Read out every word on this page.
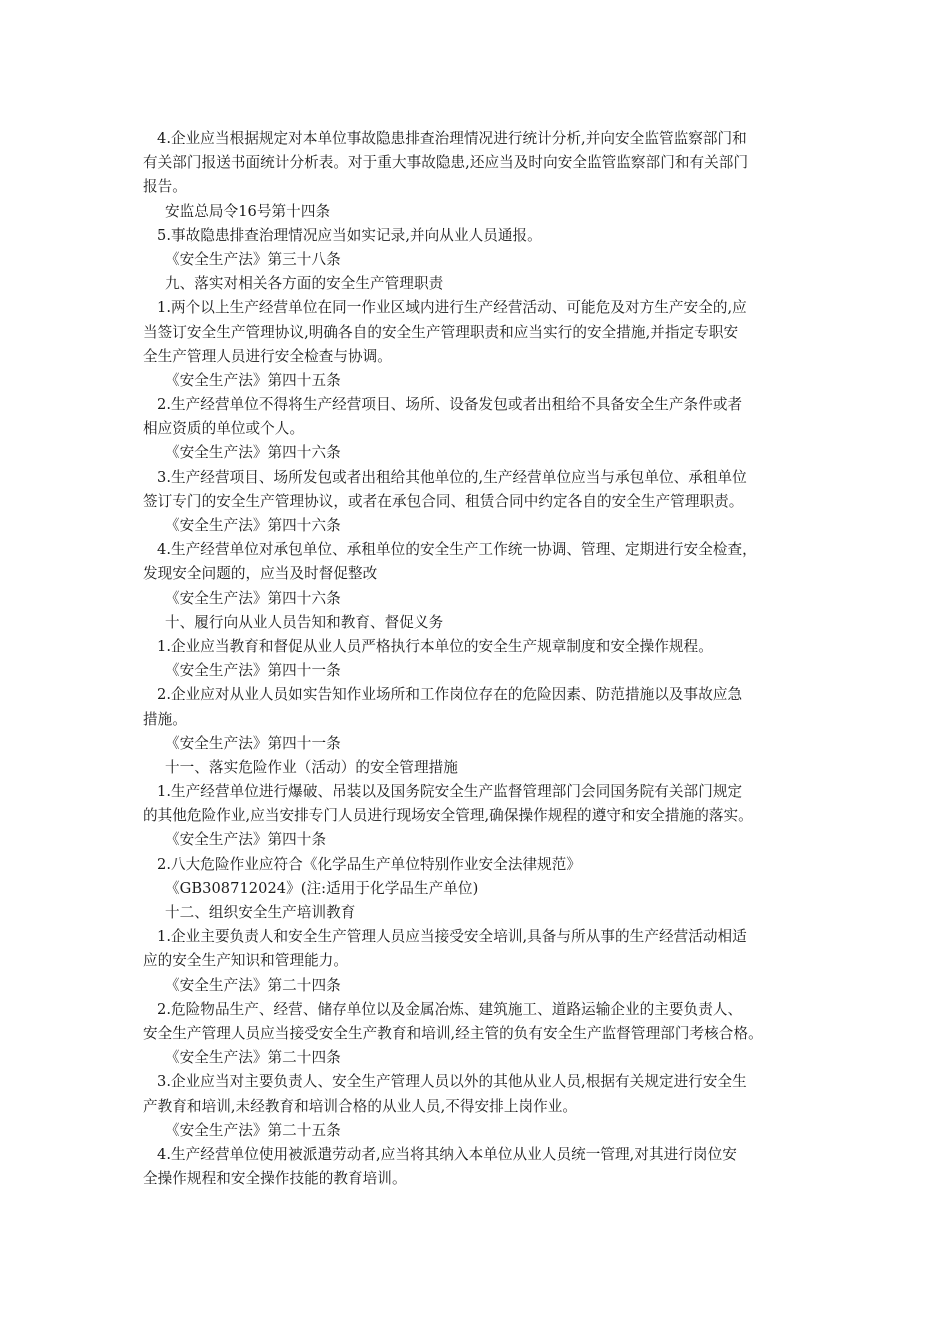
4.企业应当根据规定对本单位事故隐患排查治理情况进行统计分析,并向安全监管监察部门和
有关部门报送书面统计分析表。对于重大事故隐患,还应当及时向安全监管监察部门和有关部门
报告。
安监总局令16号第十四条
5.事故隐患排查治理情况应当如实记录,并向从业人员通报。
《安全生产法》第三十八条
九、落实对相关各方面的安全生产管理职责
1.两个以上生产经营单位在同一作业区域内进行生产经营活动、可能危及对方生产安全的,应
当签订安全生产管理协议,明确各自的安全生产管理职责和应当实行的安全措施,并指定专职安
全生产管理人员进行安全检查与协调。
《安全生产法》第四十五条
2.生产经营单位不得将生产经营项目、场所、设备发包或者出租给不具备安全生产条件或者
相应资质的单位或个人。
《安全生产法》第四十六条
3.生产经营项目、场所发包或者出租给其他单位的,生产经营单位应当与承包单位、承租单位
签订专门的安全生产管理协议，或者在承包合同、租赁合同中约定各自的安全生产管理职责。
《安全生产法》第四十六条
4.生产经营单位对承包单位、承租单位的安全生产工作统一协调、管理、定期进行安全检查，
发现安全问题的，应当及时督促整改
《安全生产法》第四十六条
十、履行向从业人员告知和教育、督促义务
1.企业应当教育和督促从业人员严格执行本单位的安全生产规章制度和安全操作规程。
《安全生产法》第四十一条
2.企业应对从业人员如实告知作业场所和工作岗位存在的危险因素、防范措施以及事故应急
措施。
《安全生产法》第四十一条
十一、落实危险作业（活动）的安全管理措施
1.生产经营单位进行爆破、吊装以及国务院安全生产监督管理部门会同国务院有关部门规定
的其他危险作业,应当安排专门人员进行现场安全管理,确保操作规程的遵守和安全措施的落实。
《安全生产法》第四十条
2.八大危险作业应符合《化学品生产单位特别作业安全法律规范》
《GB308712024》(注:适用于化学品生产单位)
十二、组织安全生产培训教育
1.企业主要负责人和安全生产管理人员应当接受安全培训,具备与所从事的生产经营活动相适
应的安全生产知识和管理能力。
《安全生产法》第二十四条
2.危险物品生产、经营、储存单位以及金属冶炼、建筑施工、道路运输企业的主要负责人、
安全生产管理人员应当接受安全生产教育和培训,经主管的负有安全生产监督管理部门考核合格。
《安全生产法》第二十四条
3.企业应当对主要负责人、安全生产管理人员以外的其他从业人员,根据有关规定进行安全生
产教育和培训,未经教育和培训合格的从业人员,不得安排上岗作业。
《安全生产法》第二十五条
4.生产经营单位使用被派遣劳动者,应当将其纳入本单位从业人员统一管理,对其进行岗位安
全操作规程和安全操作技能的教育培训。
